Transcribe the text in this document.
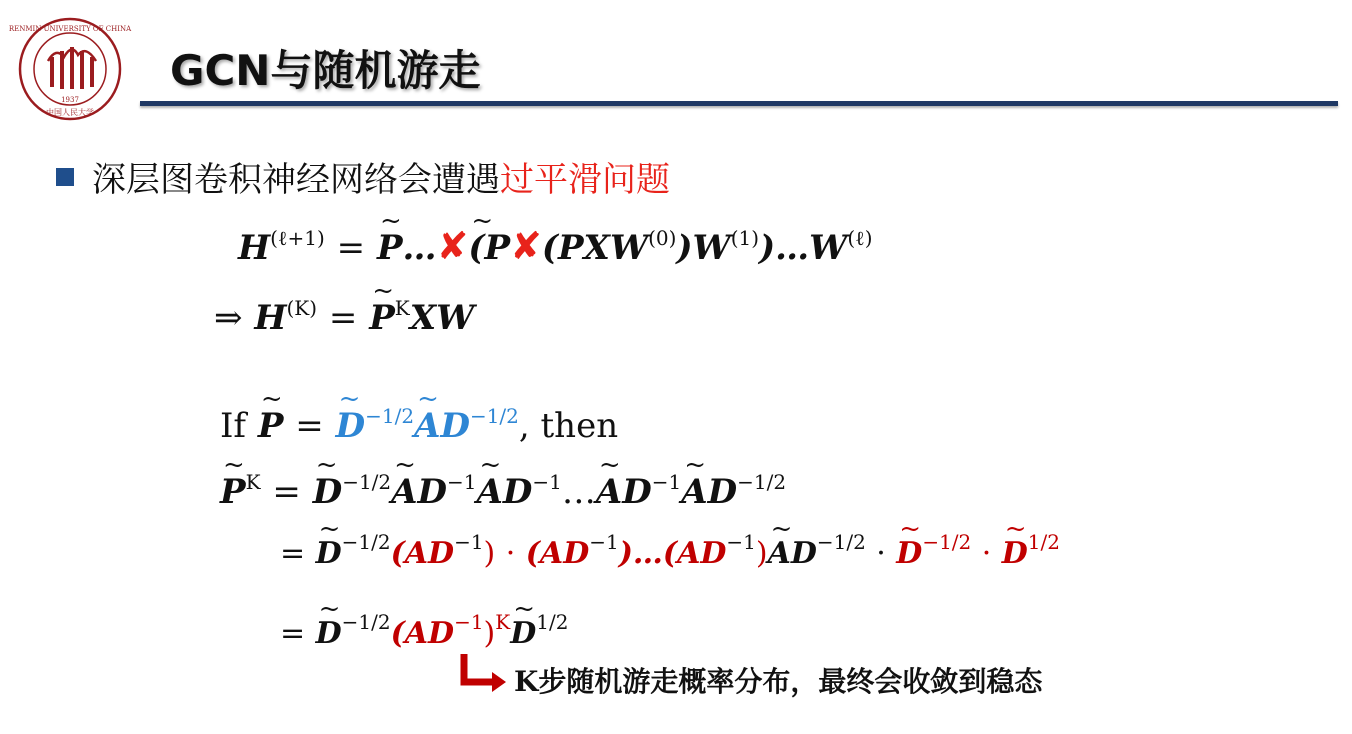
1937
RENMIN UNIVERSITY OF CHINA
中国人民大学
GCN与随机游走
深层图卷积神经网络会遭遇过平滑问题
$H^{(\ell+1)}$ = ~ P…✘~ $(P✘(PXW^{(0)})W^{(1)})\dots W^{(\ell)}$
⇒ $H^{(K)}$ = ~ $P^KXW$
If ~ P = ~ $D^{-1/2}\sim$ $AD^{-1/2}$, then
~ $P^K$ = ~ $D^{-1/2}\sim$ $AD^{-1}\sim$ $AD^{-1}\dots\sim$ $AD^{-1}\sim$ $AD^{-1/2}$
= ~ $D^{-1/2}(AD^{-1})$ · $(AD^{-1})\dots(AD^{-1})\sim$ $AD^{-1/2}$ · ~ $D^{-1/2}$ · ~ $D^{1/2}$
= ~ $D^{-1/2}(AD^{-1})^K\sim$ $D^{1/2}$
K步随机游走概率分布，最终会收敛到稳态
